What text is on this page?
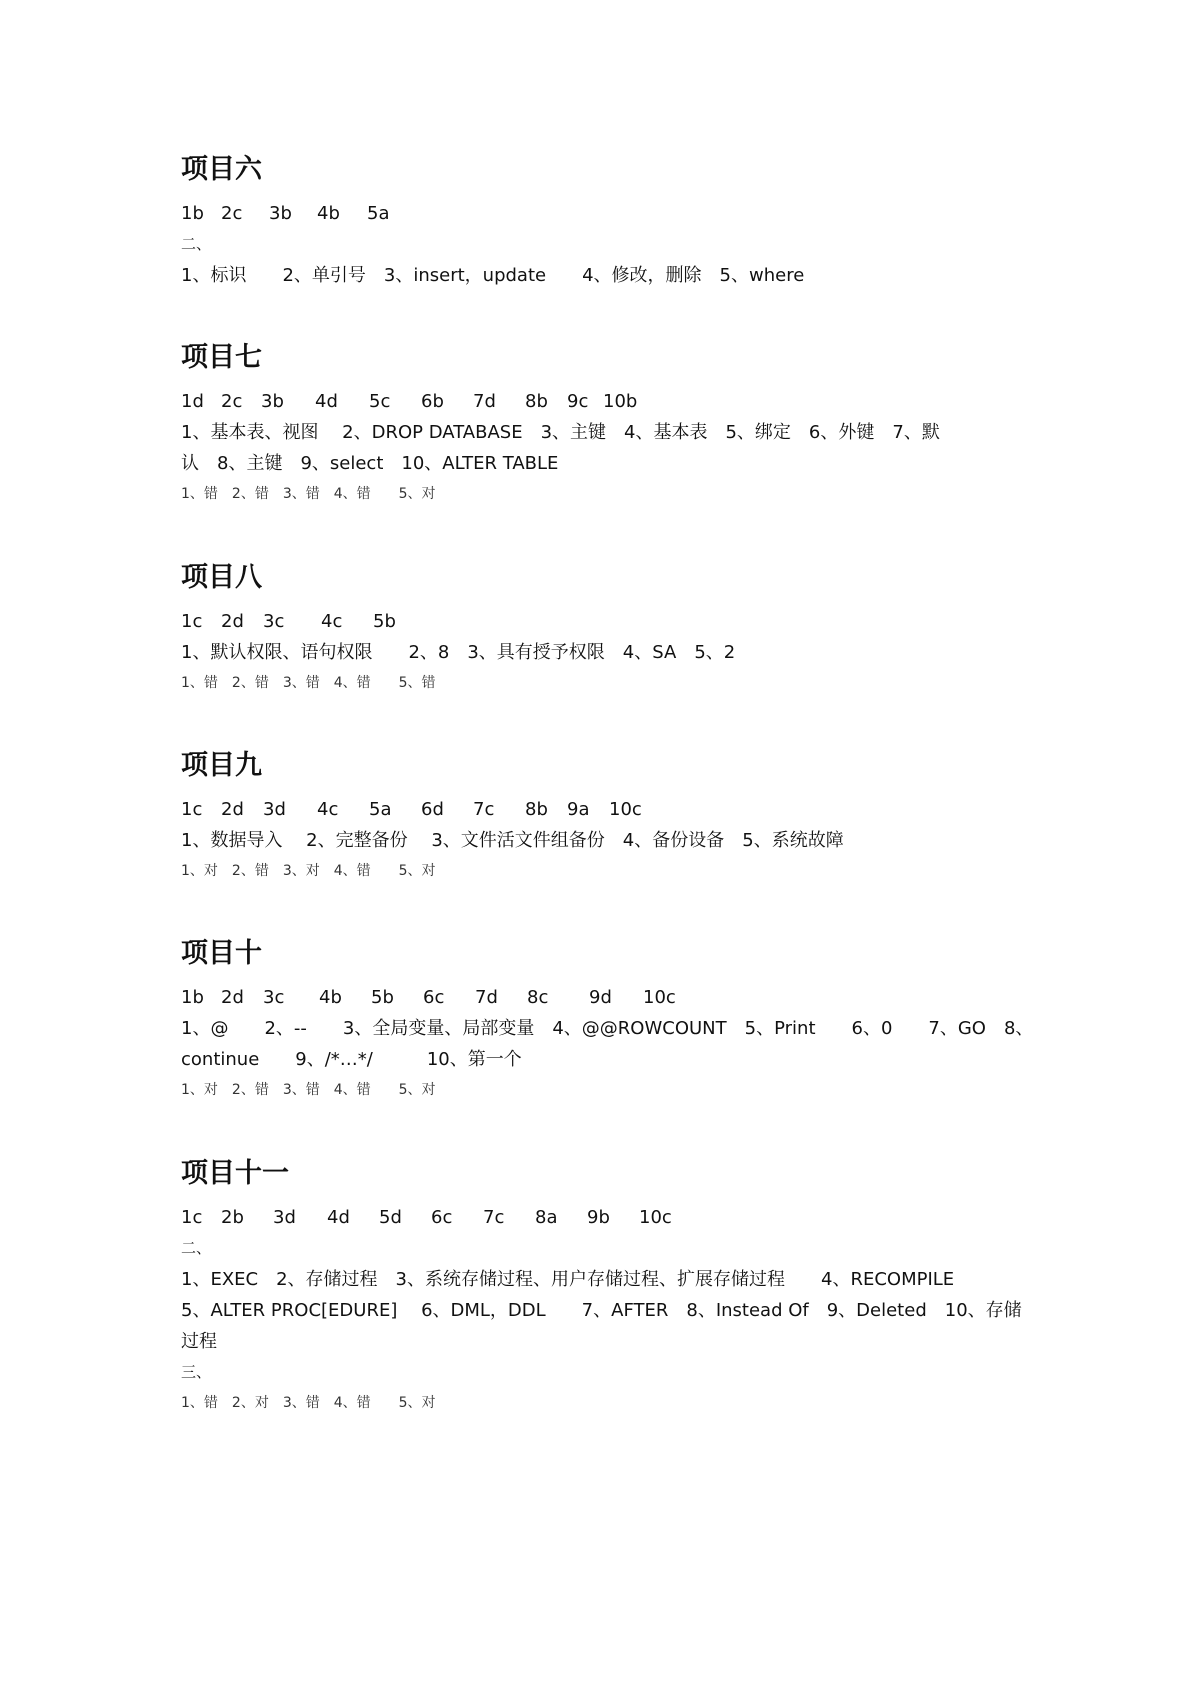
项目六
1b 2c	3b	4b	5a
二、
1、标识　　2、单引号　3、insert，update　　4、修改，删除　5、where
项目七
1d 2c	3b	4d	5c	6b	7d	8b	9c 10b
1、基本表、视图　 2、DROP DATABASE　3、主键　4、基本表　5、绑定　6、外键　7、默
认　8、主键　9、select　10、ALTER TABLE
1、错　2、错　3、错　4、错　　5、对
项目八
1c	2d	3c	4c	5b
1、默认权限、语句权限　　2、8　3、具有授予权限　4、SA　5、2
1、错　2、错　3、错　4、错　　5、错
项目九
1c	2d	3d	4c	5a	6d	7c	8b	9a	10c
1、数据导入　 2、完整备份　 3、文件活文件组备份　4、备份设备　5、系统故障
1、对　2、错　3、对　4、错　　5、对
项目十
1b 2d	3c	4b	5b	6c	7d	8c	9d	10c
1、@　　2、--　　3、全局变量、局部变量　4、@@ROWCOUNT　5、Print　　6、0　　7、GO　8、
continue　　9、/*…*/　　　10、第一个
1、对　2、错　3、错　4、错　　5、对
项目十一
1c	2b	3d	4d	5d	6c	7c	8a	9b	10c
二、
1、EXEC　2、存储过程　3、系统存储过程、用户存储过程、扩展存储过程　　4、RECOMPILE
5、ALTER PROC[EDURE]　 6、DML，DDL　　7、AFTER　8、Instead Of　9、Deleted　10、存储
过程
三、
1、错　2、对　3、错　4、错　　5、对
